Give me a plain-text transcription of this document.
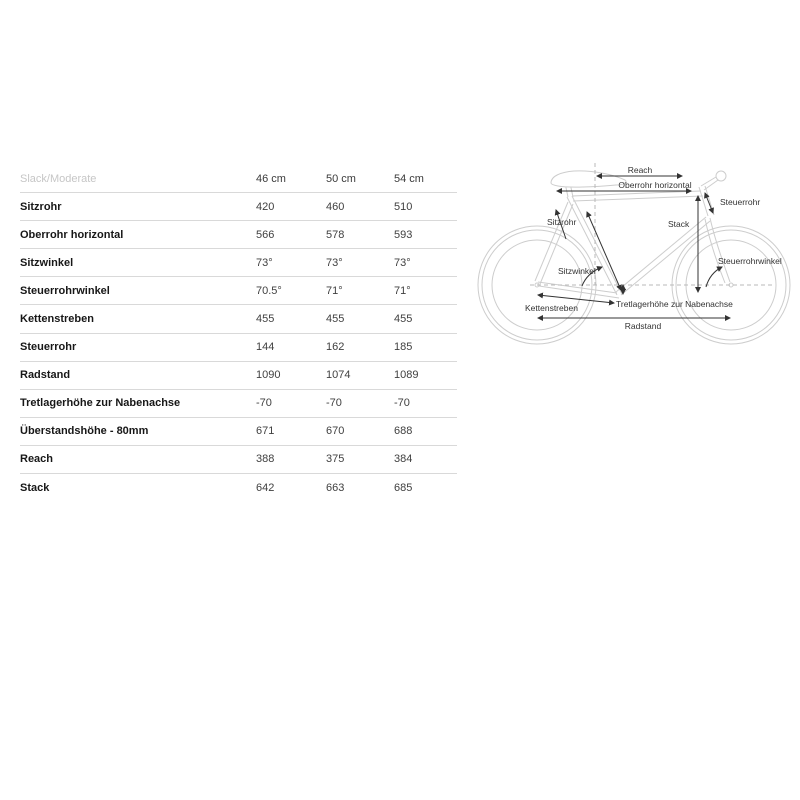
Slack/Moderate	46 cm	50 cm	54 cm
Sitzrohr	420	460	510
Oberrohr horizontal	566	578	593
Sitzwinkel	73°	73°	73°
Steuerrohrwinkel	70.5°	71°	71°
Kettenstreben	455	455	455
Steuerrohr	144	162	185
Radstand	1090	1074	1089
Tretlagerhöhe zur Nabenachse	-70	-70	-70
Überstandshöhe - 80mm	671	670	688
Reach	388	375	384
Stack	642	663	685
Reach
Oberrohr horizontal
Steuerrohr
Sitzrohr	Stack
Sitzwinkel
Steuerrohrwinkel
Kettenstreben	Tretlagerhöhe zur Nabenachse
Radstand
